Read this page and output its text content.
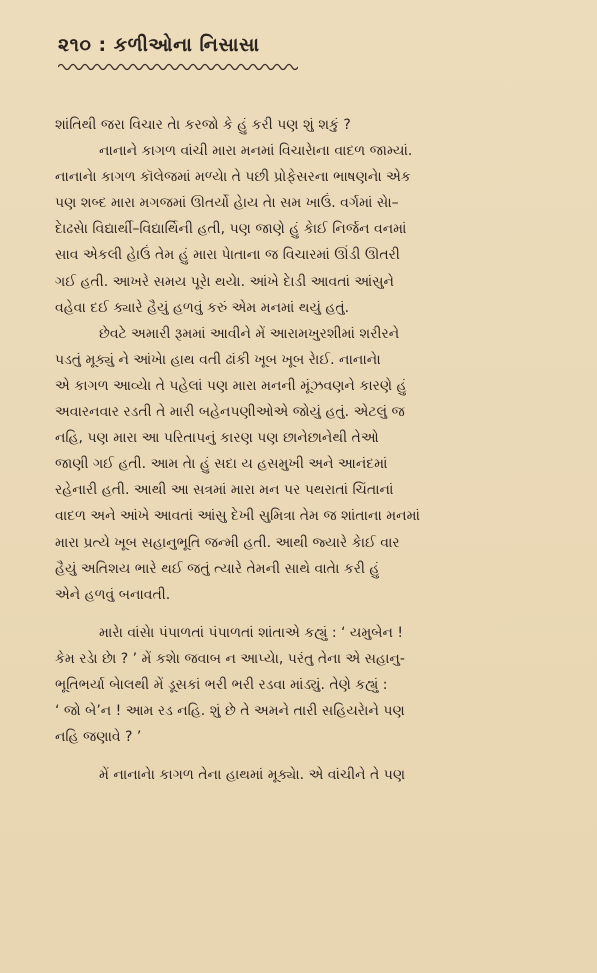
૨૧૦ : કળીઓના નિસાસા
શાંતિથી જરા વિચાર તેા કરજો કે હું કરી પણ શું શકું ?
નાનાને કાગળ વાંચી મારા મનમાં વિચારેાના વાદળ જામ્યાં.
નાનાનેા કાગળ કૉલેજમાં મળ્યેા તે પછી પ્રોફેસરના ભાષણનેા એક
પણ શબ્દ મારા મગજમાં ઊતર્યો હેાય તેા સમ ખાઉં. વર્ગમાં સેા–
દેાઢસેા વિદ્યાર્થી–વિદ્યાર્થિની હતી, પણ જાણે હું કેાઈ નિર્જન વનમાં
સાવ એકલી હેાઉં તેમ હું મારા પેાતાના જ વિચારમાં ઊંડી ઊતરી
ગઈ હતી. આખરે સમય પૂરેા થયેા. આંખે દેાડી આવતાં આંસુને
વહેવા દઈ ક્યારે હૈયું હળવું કરું એમ મનમાં થયું હતું.
છેવટે અમારી રૂમમાં આવીને મેં આરામખુરશીમાં શરીરને
પડતું મૂક્યું ને આંખેા હાથ વતી ઢાંકી ખૂબ ખૂબ રેાઈ. નાનાનેા
એ કાગળ આવ્યેા તે પહેલાં પણ મારા મનની મૂંઝવણને કારણે હું
અવારનવાર રડતી તે મારી બહેનપણીઓએ જોયું હતું. એટલું જ
નહિ, પણ મારા આ પરિતાપનું કારણ પણ છાનેછાનેથી તેઓ
જાણી ગઈ હતી. આમ તેા હું સદા ય હસમુખી અને આનંદમાં
રહેનારી હતી. આથી આ સત્રમાં મારા મન પર પથરાતાં ચિંતાનાં
વાદળ અને આંખે આવતાં આંસુ દેખી સુમિત્રા તેમ જ શાંતાના મનમાં
મારા પ્રત્યે ખૂબ સહાનુભૂતિ જન્મી હતી. આથી જ્યારે કેાઈ વાર
હૈયું અતિશય ભારે થઈ જતું ત્યારે તેમની સાથે વાતેા કરી હું
એને હળવું બનાવતી.
મારેા વાંસેા પંપાળતાં પંપાળતાં શાંતાએ કહ્યું : ‘ યમુબેન !
કેમ રડેા છેા ? ’ મેં કશેા જવાબ ન આપ્યેા, પરંતુ તેના એ સહાનુ-
ભૂતિભર્યા બેાલથી મેં ડૂસકાં ભરી ભરી રડવા માંડ્યું. તેણે કહ્યું :
‘ જો બે’ન ! આમ રડ નહિ. શું છે તે અમને તારી સહિયરેાને પણ
નહિ જણાવે ? ’
મેં નાનાનેા કાગળ તેના હાથમાં મૂક્યેા. એ વાંચીને તે પણ
